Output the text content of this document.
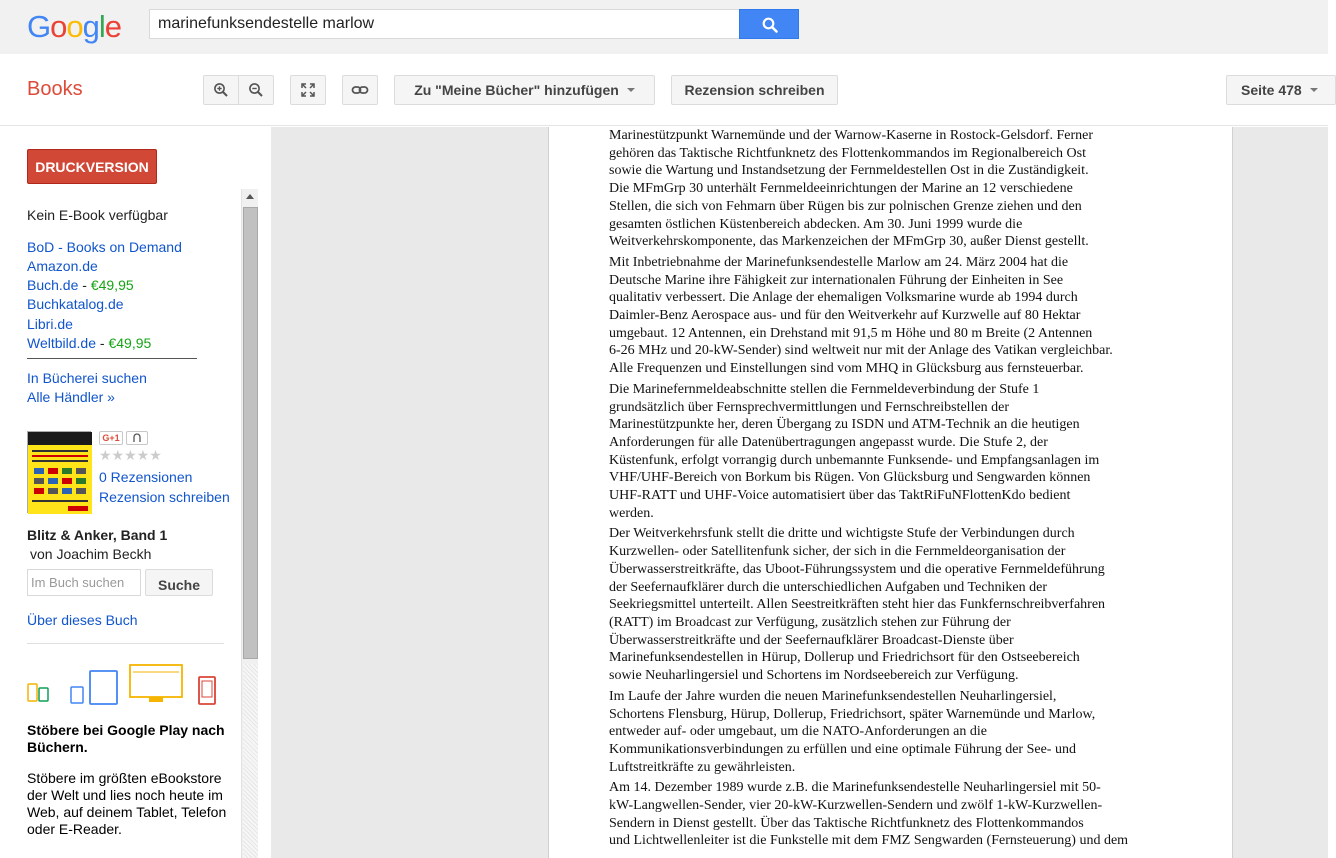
Google
marinefunksendestelle marlow
Books	Zu "Meine Bücher" hinzufügen	Rezension schreiben	Seite 478
DRUCKVERSION
Kein E-Book verfügbar
BoD - Books on Demand
Amazon.de
Buch.de - €49,95
Buchkatalog.de
Libri.de
Weltbild.de - €49,95
In Bücherei suchen
Alle Händler »
G+1
★★★★★
0 Rezensionen
Rezension schreiben
Blitz & Anker, Band 1
von Joachim Beckh
Im Buch suchen
Suche
Über dieses Buch
Stöbere bei Google Play nach Büchern.
Stöbere im größten eBookstore der Welt und lies noch heute im Web, auf deinem Tablet, Telefon oder E-Reader.

Marinestützpunkt Warnemünde und der Warnow-Kaserne in Rostock-Gelsdorf. Ferner
gehören das Taktische Richtfunknetz des Flottenkommandos im Regionalbereich Ost
sowie die Wartung und Instandsetzung der Fernmeldestellen Ost in die Zuständigkeit.
Die MFmGrp 30 unterhält Fernmeldeeinrichtungen der Marine an 12 verschiedene
Stellen, die sich von Fehmarn über Rügen bis zur polnischen Grenze ziehen und den
gesamten östlichen Küstenbereich abdecken. Am 30. Juni 1999 wurde die
Weitverkehrskomponente, das Markenzeichen der MFmGrp 30, außer Dienst gestellt.

Mit Inbetriebnahme der Marinefunksendestelle Marlow am 24. März 2004 hat die
Deutsche Marine ihre Fähigkeit zur internationalen Führung der Einheiten in See
qualitativ verbessert. Die Anlage der ehemaligen Volksmarine wurde ab 1994 durch
Daimler-Benz Aerospace aus- und für den Weitverkehr auf Kurzwelle auf 80 Hektar
umgebaut. 12 Antennen, ein Drehstand mit 91,5 m Höhe und 80 m Breite (2 Antennen
6-26 MHz und 20-kW-Sender) sind weltweit nur mit der Anlage des Vatikan vergleichbar.
Alle Frequenzen und Einstellungen sind vom MHQ in Glücksburg aus fernsteuerbar.

Die Marinefernmeldeabschnitte stellen die Fernmeldeverbindung der Stufe 1
grundsätzlich über Fernsprechvermittlungen und Fernschreibstellen der
Marinestützpunkte her, deren Übergang zu ISDN und ATM-Technik an die heutigen
Anforderungen für alle Datenübertragungen angepasst wurde. Die Stufe 2, der
Küstenfunk, erfolgt vorrangig durch unbemannte Funksende- und Empfangsanlagen im
VHF/UHF-Bereich von Borkum bis Rügen. Von Glücksburg und Sengwarden können
UHF-RATT und UHF-Voice automatisiert über das TaktRiFuNFlottenKdo bedient
werden.

Der Weitverkehrsfunk stellt die dritte und wichtigste Stufe der Verbindungen durch
Kurzwellen- oder Satellitenfunk sicher, der sich in die Fernmeldeorganisation der
Überwasserstreitkräfte, das Uboot-Führungssystem und die operative Fernmeldeführung
der Seefernaufklärer durch die unterschiedlichen Aufgaben und Techniken der
Seekriegsmittel unterteilt. Allen Seestreitkräften steht hier das Funkfernschreibverfahren
(RATT) im Broadcast zur Verfügung, zusätzlich stehen zur Führung der
Überwasserstreitkräfte und der Seefernaufklärer Broadcast-Dienste über
Marinefunksendestellen in Hürup, Dollerup und Friedrichsort für den Ostseebereich
sowie Neuharlingersiel und Schortens im Nordseebereich zur Verfügung.

Im Laufe der Jahre wurden die neuen Marinefunksendestellen Neuharlingersiel,
Schortens Flensburg, Hürup, Dollerup, Friedrichsort, später Warnemünde und Marlow,
entweder auf- oder umgebaut, um die NATO-Anforderungen an die
Kommunikationsverbindungen zu erfüllen und eine optimale Führung der See- und
Luftstreitkräfte zu gewährleisten.

Am 14. Dezember 1989 wurde z.B. die Marinefunksendestelle Neuharlingersiel mit 50-
kW-Langwellen-Sender, vier 20-kW-Kurzwellen-Sendern und zwölf 1-kW-Kurzwellen-
Sendern in Dienst gestellt. Über das Taktische Richtfunknetz des Flottenkommandos
und Lichtwellenleiter ist die Funkstelle mit dem FMZ Sengwarden (Fernsteuerung) und dem
